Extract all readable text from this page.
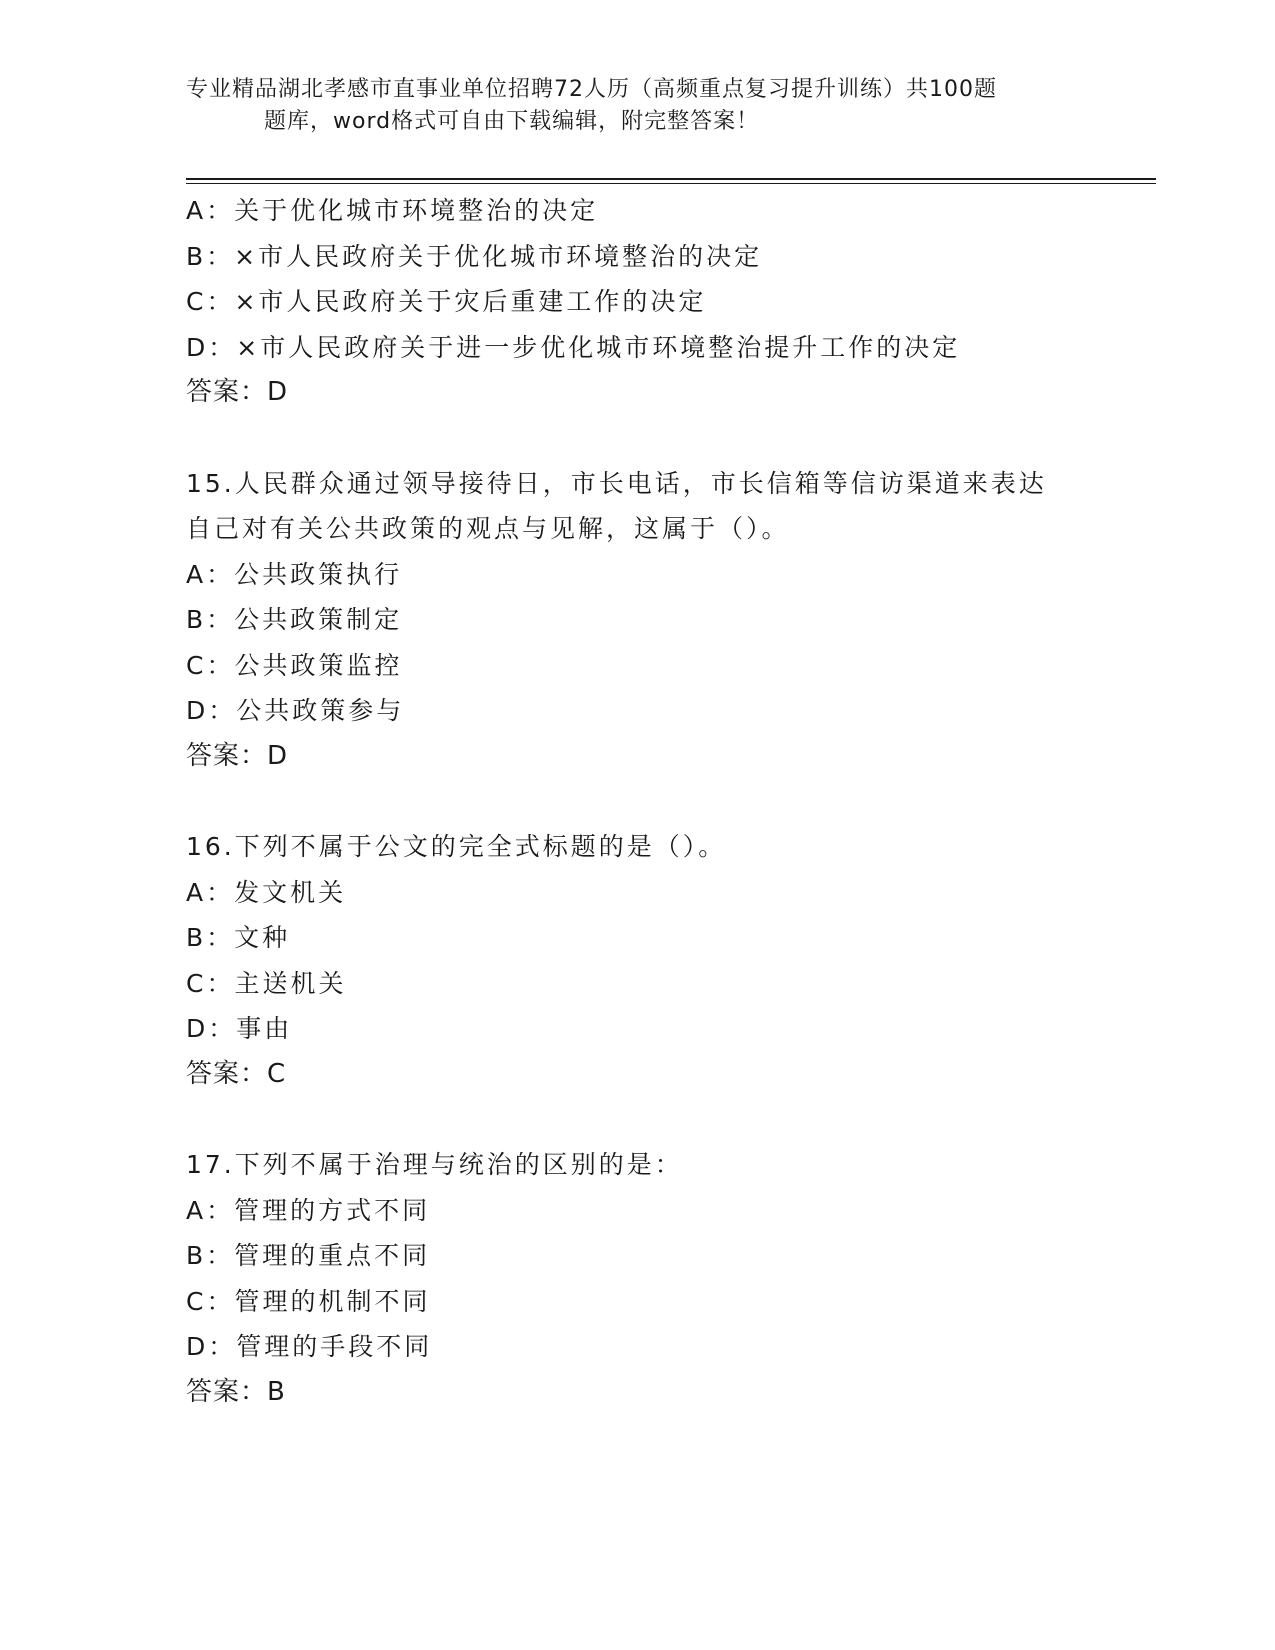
专业精品湖北孝感市直事业单位招聘72人历（高频重点复习提升训练）共100题
题库，word格式可自由下载编辑，附完整答案！
A：关于优化城市环境整治的决定
B：×市人民政府关于优化城市环境整治的决定
C：×市人民政府关于灾后重建工作的决定
D：×市人民政府关于进一步优化城市环境整治提升工作的决定
答案：D
15.人民群众通过领导接待日，市长电话，市长信箱等信访渠道来表达
自己对有关公共政策的观点与见解，这属于（）。
A：公共政策执行
B：公共政策制定
C：公共政策监控
D：公共政策参与
答案：D
16.下列不属于公文的完全式标题的是（）。
A：发文机关
B：文种
C：主送机关
D：事由
答案：C
17.下列不属于治理与统治的区别的是：
A：管理的方式不同
B：管理的重点不同
C：管理的机制不同
D：管理的手段不同
答案：B
